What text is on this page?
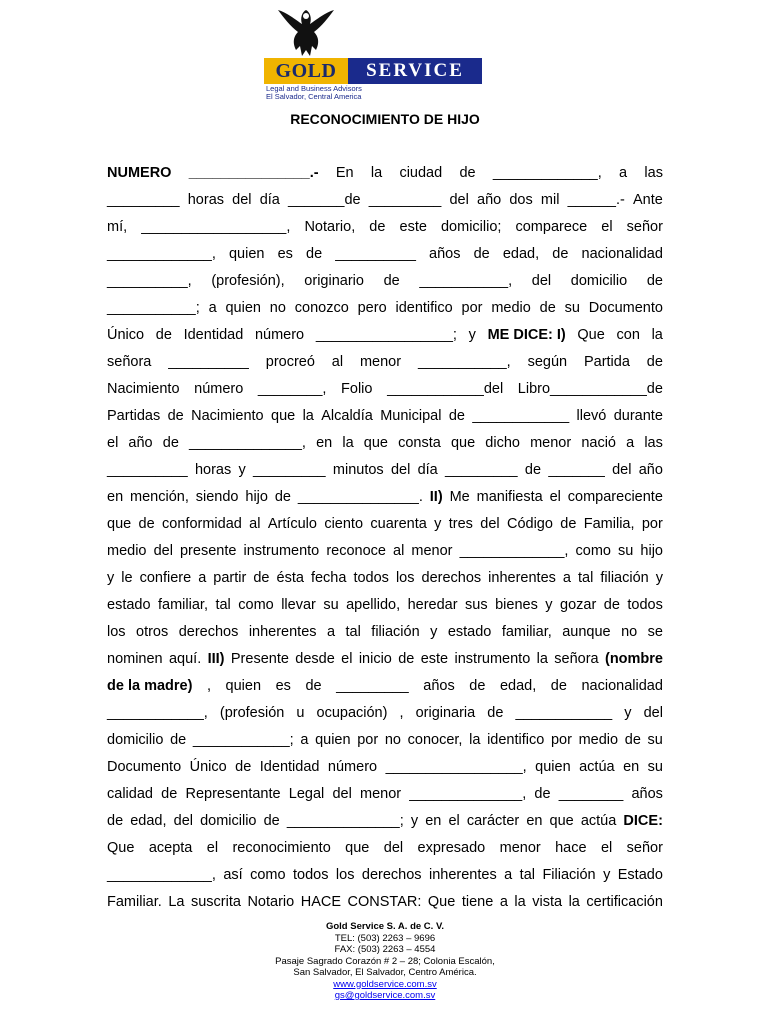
GOLD	SERVICE
Legal and Business Advisors
El Salvador, Central America
RECONOCIMIENTO DE HIJO
NUMERO _______________.- En la ciudad de _____________, a las
_________ horas del día _______de _________ del año dos mil ______.- Ante
mí, __________________, Notario, de este domicilio; comparece el señor
_____________, quien es de __________ años de edad, de nacionalidad
__________, (profesión), originario de ___________, del domicilio de
___________; a quien no conozco pero identifico por medio de su Documento
Único de Identidad número _________________; y ME DICE: I) Que con la
señora __________ procreó al menor ___________, según Partida de
Nacimiento número ________, Folio ____________del Libro____________de
Partidas de Nacimiento que la Alcaldía Municipal de ____________ llevó durante
el año de ______________, en la que consta que dicho menor nació a las
__________ horas y _________ minutos del día _________ de _______ del año
en mención, siendo hijo de _______________. II) Me manifiesta el compareciente
que de conformidad al Artículo ciento cuarenta y tres del Código de Familia, por
medio del presente instrumento reconoce al menor _____________, como su hijo
y le confiere a partir de ésta fecha todos los derechos inherentes a tal filiación y
estado familiar, tal como llevar su apellido, heredar sus bienes y gozar de todos
los otros derechos inherentes a tal filiación y estado familiar, aunque no se
nominen aquí. III) Presente desde el inicio de este instrumento la señora (nombre
de la madre) , quien es de _________ años de edad, de nacionalidad
____________, (profesión u ocupación) , originaria de ____________ y del
domicilio de ____________; a quien por no conocer, la identifico por medio de su
Documento Único de Identidad número _________________, quien actúa en su
calidad de Representante Legal del menor ______________, de ________ años
de edad, del domicilio de ______________; y en el carácter en que actúa DICE:
Que acepta el reconocimiento que del expresado menor hace el señor
_____________, así como todos los derechos inherentes a tal Filiación y Estado
Familiar. La suscrita Notario HACE CONSTAR: Que tiene a la vista la certificación
Gold Service S. A. de C. V.
TEL: (503) 2263 – 9696
FAX: (503) 2263 – 4554
Pasaje Sagrado Corazón # 2 – 28; Colonia Escalón,
San Salvador, El Salvador, Centro América.
www.goldservice.com.sv
gs@goldservice.com.sv
